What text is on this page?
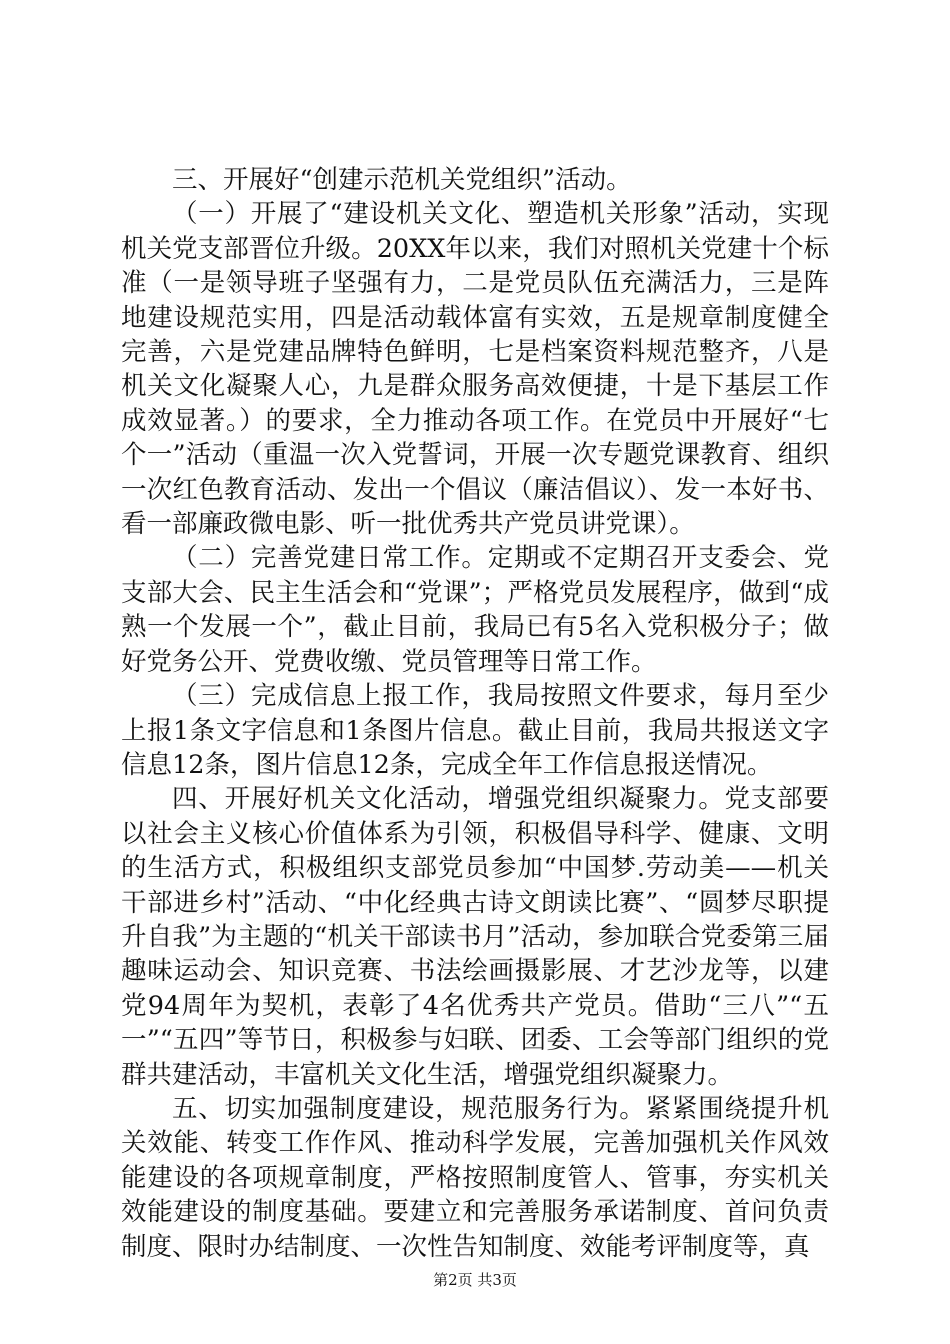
三、开展好“创建示范机关党组织”活动。

（一）开展了“建设机关文化、塑造机关形象”活动，实现机关党支部晋位升级。20XX年以来，我们对照机关党建十个标准（一是领导班子坚强有力，二是党员队伍充满活力，三是阵地建设规范实用，四是活动载体富有实效，五是规章制度健全完善，六是党建品牌特色鲜明，七是档案资料规范整齐，八是机关文化凝聚人心，九是群众服务高效便捷，十是下基层工作成效显著。）的要求，全力推动各项工作。在党员中开展好“七个一”活动（重温一次入党誓词，开展一次专题党课教育、组织一次红色教育活动、发出一个倡议（廉洁倡议）、发一本好书、看一部廉政微电影、听一批优秀共产党员讲党课）。

（二）完善党建日常工作。定期或不定期召开支委会、党支部大会、民主生活会和“党课”；严格党员发展程序，做到“成熟一个发展一个”，截止目前，我局已有5名入党积极分子；做好党务公开、党费收缴、党员管理等日常工作。

（三）完成信息上报工作，我局按照文件要求，每月至少上报1条文字信息和1条图片信息。截止目前，我局共报送文字信息12条，图片信息12条，完成全年工作信息报送情况。

四、开展好机关文化活动，增强党组织凝聚力。党支部要以社会主义核心价值体系为引领，积极倡导科学、健康、文明的生活方式，积极组织支部党员参加“中国梦.劳动美——机关干部进乡村”活动、“中化经典古诗文朗读比赛”、“圆梦尽职提升自我”为主题的“机关干部读书月”活动，参加联合党委第三届趣味运动会、知识竞赛、书法绘画摄影展、才艺沙龙等，以建党94周年为契机，表彰了4名优秀共产党员。借助“三八”“五一”“五四”等节日，积极参与妇联、团委、工会等部门组织的党群共建活动，丰富机关文化生活，增强党组织凝聚力。

五、切实加强制度建设，规范服务行为。紧紧围绕提升机关效能、转变工作作风、推动科学发展，完善加强机关作风效能建设的各项规章制度，严格按照制度管人、管事，夯实机关效能建设的制度基础。要建立和完善服务承诺制度、首问负责制度、限时办结制度、一次性告知制度、效能考评制度等，真

第2页 共3页
